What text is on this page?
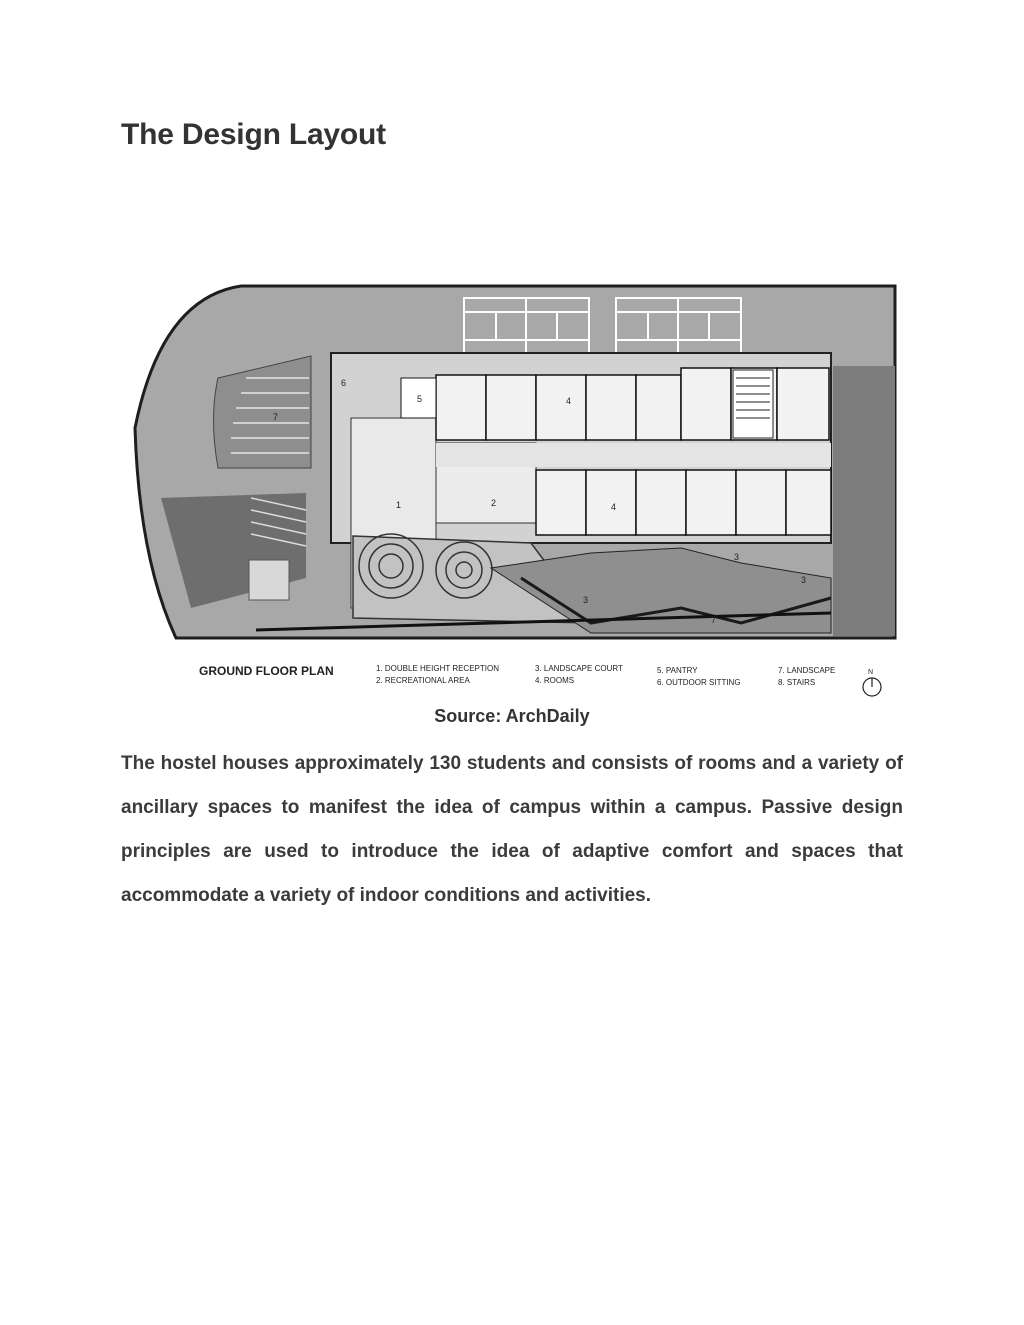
The Design Layout
1	2
3
3
3
4
4
5
6
7
7
GROUND FLOOR PLAN	1. DOUBLE HEIGHT RECEPTION
2. RECREATIONAL AREA
3. LANDSCAPE COURT
4. ROOMS
5. PANTRY
6. OUTDOOR SITTING
7. LANDSCAPE
8. STAIRS
N
Source: ArchDaily

The hostel houses approximately 130 students and consists of rooms and a variety of ancillary spaces to manifest the idea of campus within a campus. Passive design principles are used to introduce the idea of adaptive comfort and spaces that accommodate a variety of indoor conditions and activities.
